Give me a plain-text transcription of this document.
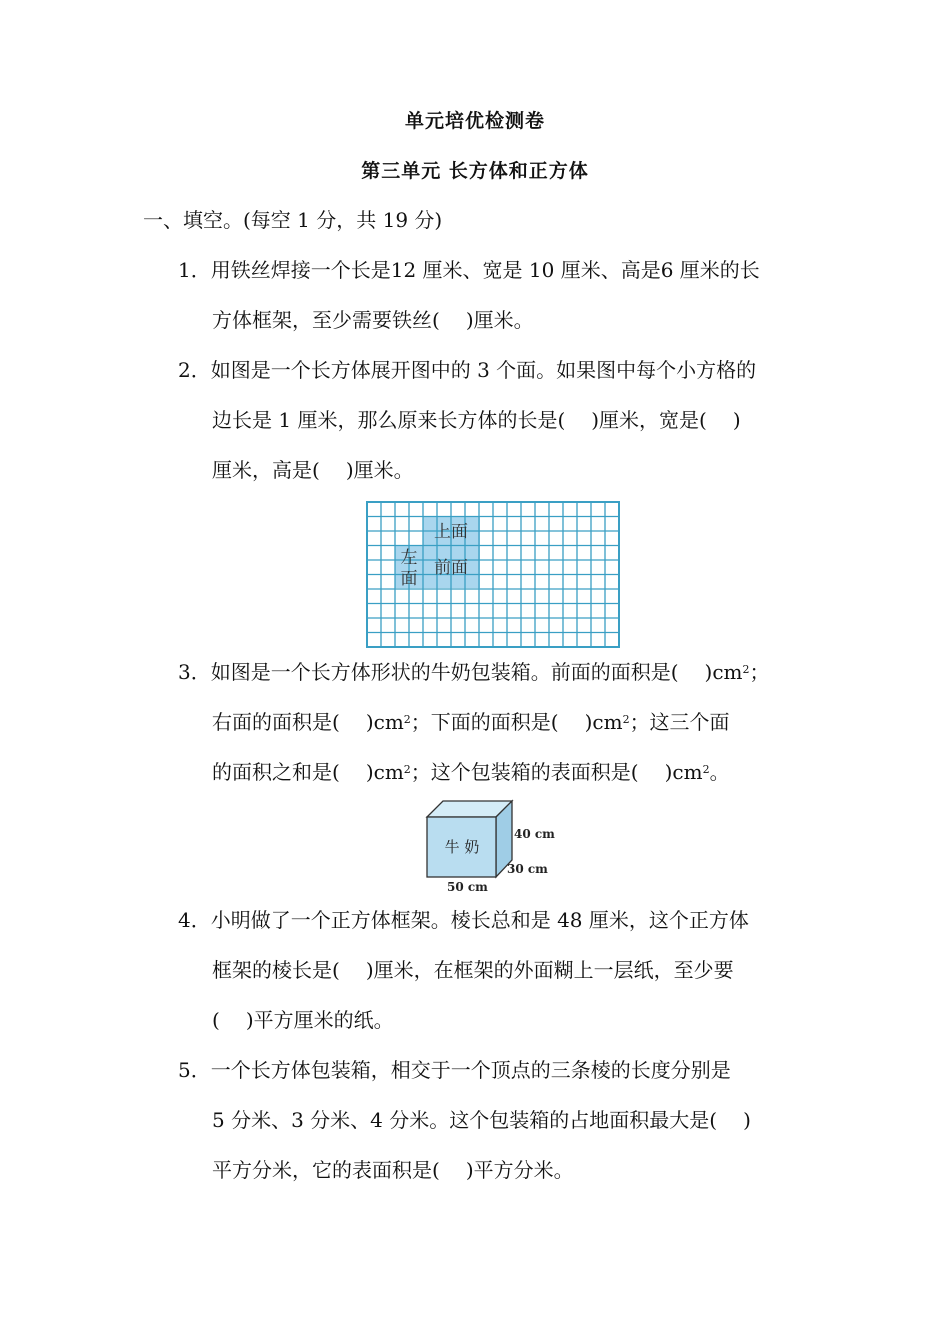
单元培优检测卷
第三单元 长方体和正方体
一、填空。(每空 1 分，共 19 分)
1．用铁丝焊接一个长是12 厘米、宽是 10 厘米、高是6 厘米的长
方体框架，至少需要铁丝( )厘米。
2．如图是一个长方体展开图中的 3 个面。如果图中每个小方格的
边长是 1 厘米，那么原来长方体的长是( )厘米，宽是( )
厘米，高是( )厘米。
上面
前面
左
面
3．如图是一个长方体形状的牛奶包装箱。前面的面积是( )$cm^2$；
右面的面积是( )$cm^2$；下面的面积是( )$cm^2$；这三个面
的面积之和是( )$cm^2$；这个包装箱的表面积是( )$cm^2$。
牛 奶
40 cm
30 cm
50 cm
4．小明做了一个正方体框架。棱长总和是 48 厘米，这个正方体
框架的棱长是( )厘米，在框架的外面糊上一层纸，至少要
( )平方厘米的纸。
5．一个长方体包装箱，相交于一个顶点的三条棱的长度分别是
5 分米、3 分米、4 分米。这个包装箱的占地面积最大是( )
平方分米，它的表面积是( )平方分米。
